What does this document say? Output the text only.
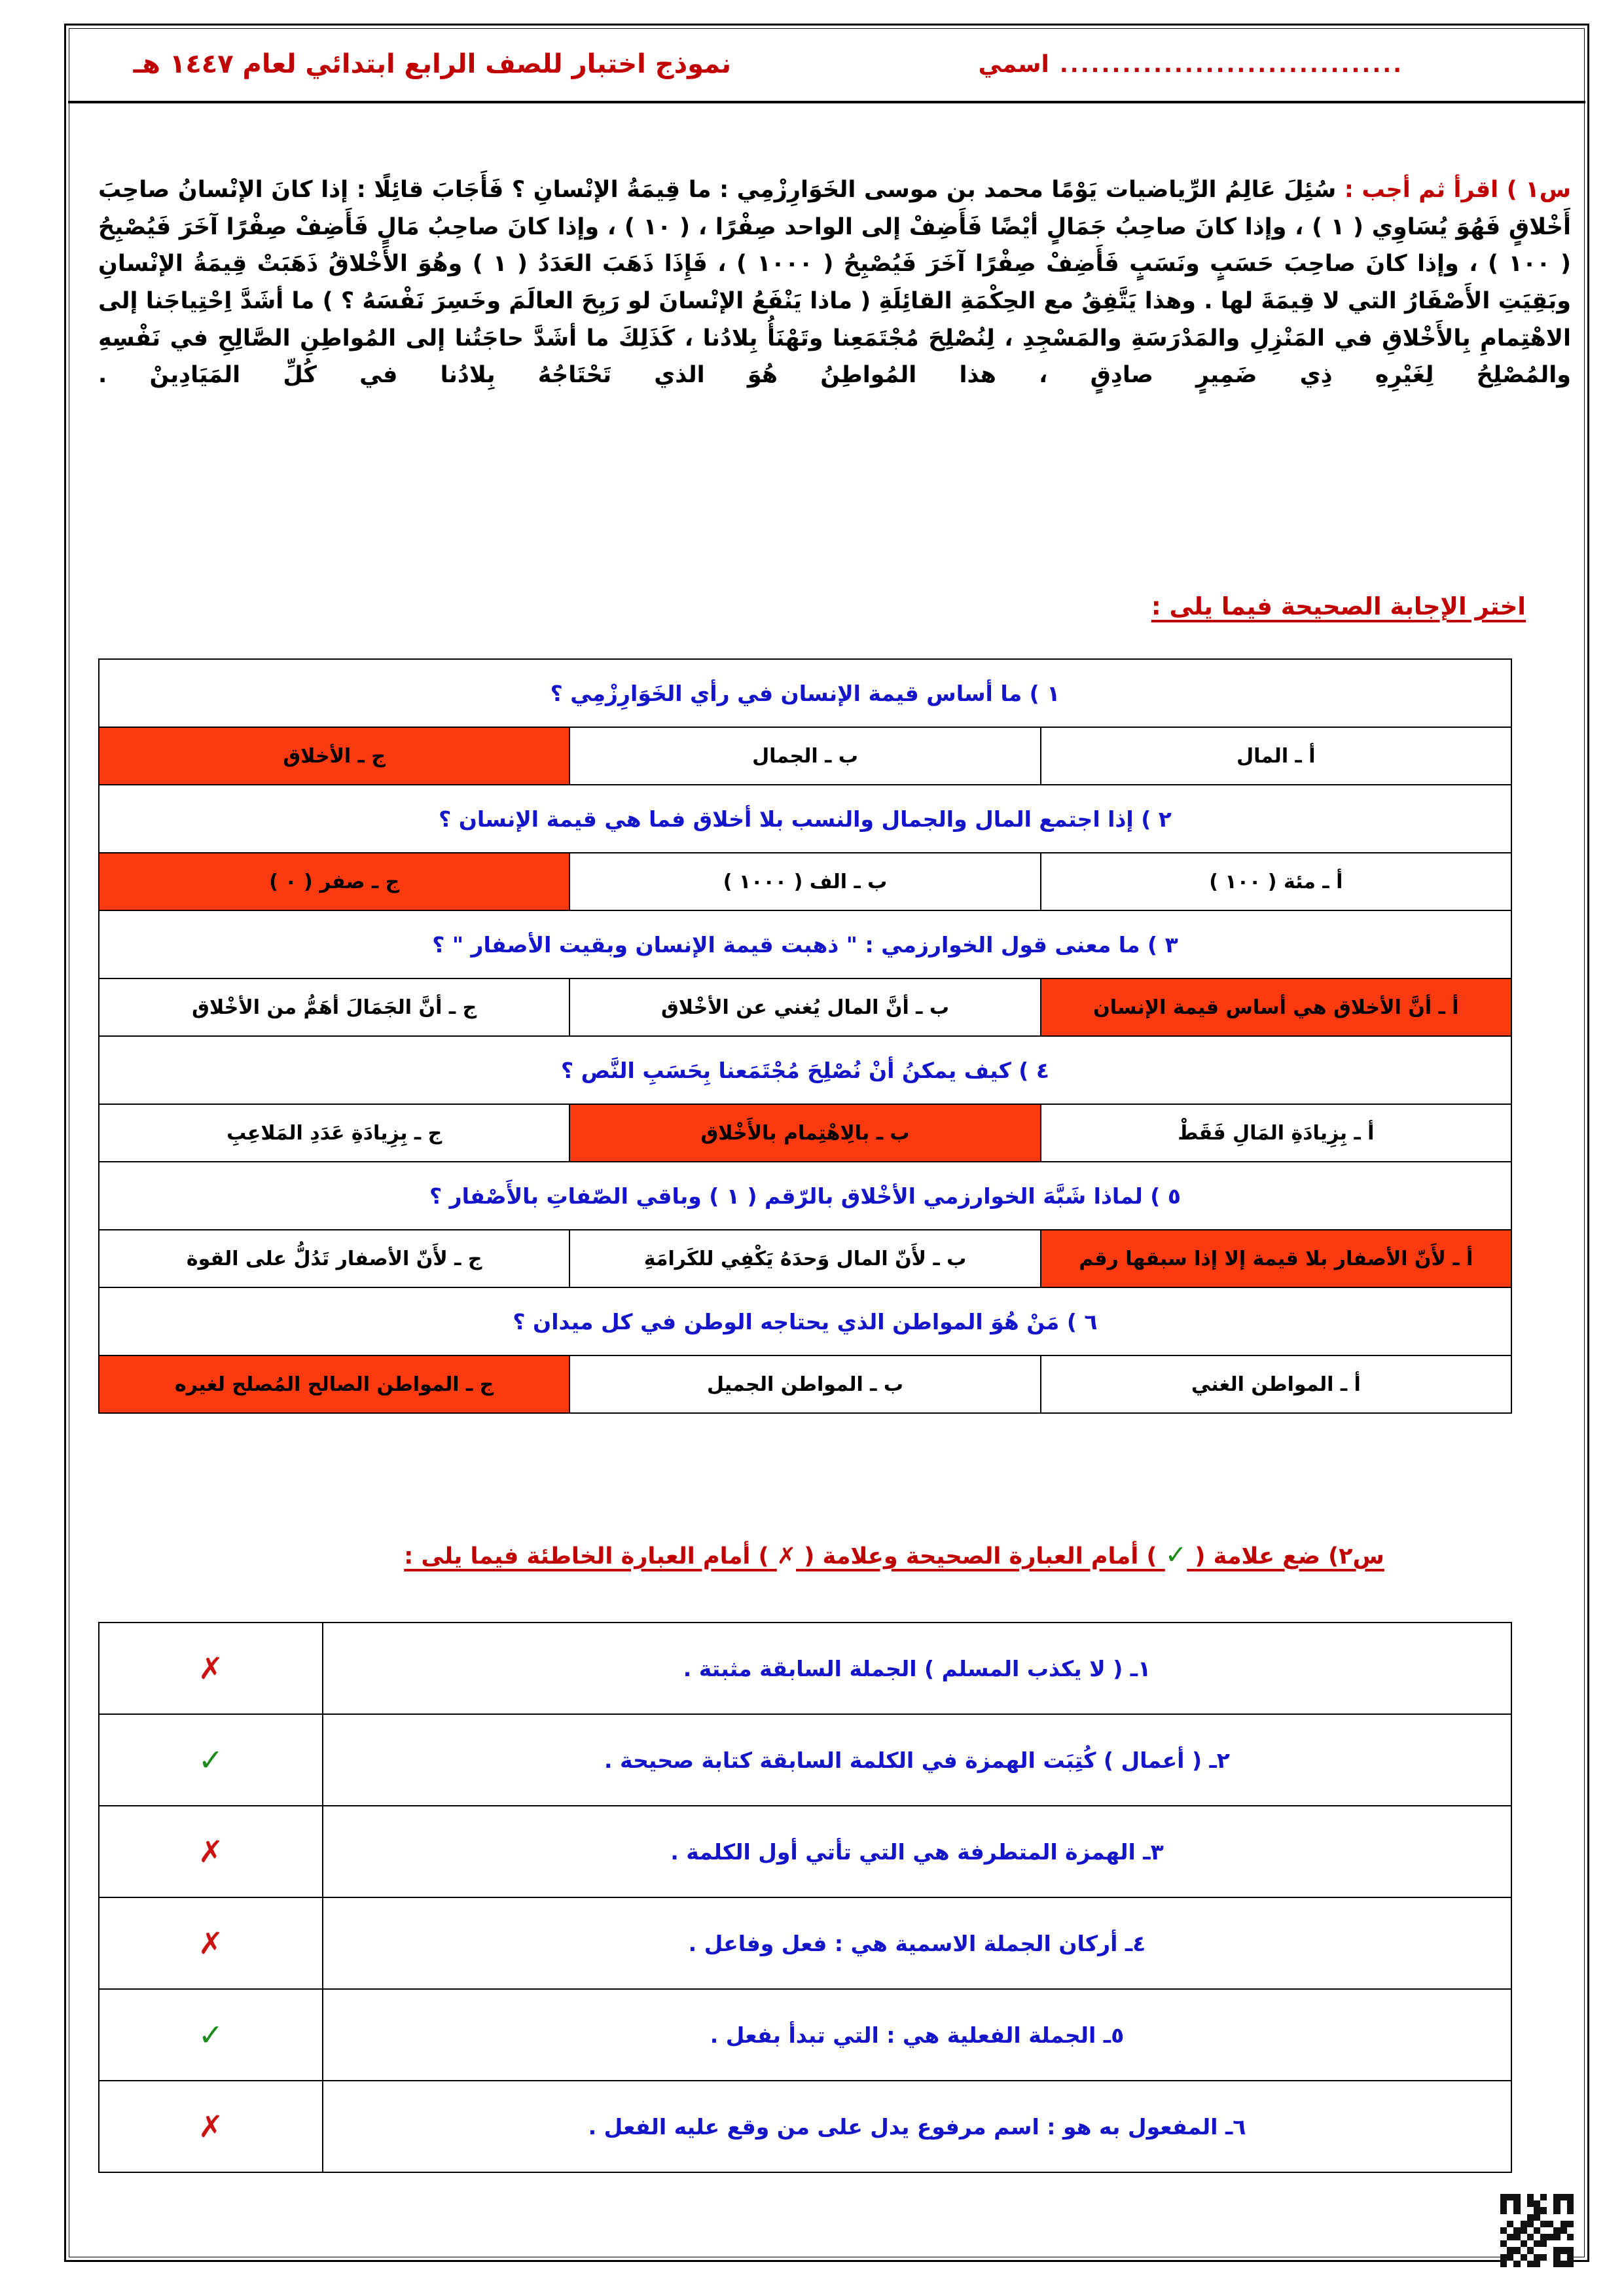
.................................
اسمي
نموذج اختبار للصف الرابع ابتدائي لعام ١٤٤٧ هـ
س١ ) اقرأ ثم أجب : سُئِلَ عَالِمُ الرِّياضيات يَوْمًا محمد بن موسى الخَوَارِزْمِي : ما قِيمَةُ الإنْسانِ ؟ فَأَجَابَ قائِلًا : إذا كانَ الإنْسانُ صاحِبَ أَخْلاقٍ فَهُوَ يُسَاوِي ( ١ ) ، وإذا كانَ صاحِبُ جَمَالٍ أيْضًا فَأَضِفْ إلى الواحد صِفْرًا ، ( ١٠ ) ، وإذا كانَ صاحِبُ مَالٍ فَأَضِفْ صِفْرًا آخَرَ فَيُصْبِحُ ( ١٠٠ ) ، وإذا كانَ صاحِبَ حَسَبٍ ونَسَبٍ فَأَضِفْ صِفْرًا آخَرَ فَيُصْبِحُ ( ١٠٠٠ ) ، فَإِذَا ذَهَبَ العَدَدُ ( ١ ) وهُوَ الأَخْلاقُ ذَهَبَتْ قِيمَةُ الإنْسانِ وبَقِيَتِ الأَصْفَارُ التي لا قِيمَةَ لها . وهذا يَتَّفِقُ مع الحِكْمَةِ القائِلَةِ ( ماذا يَنْفَعُ الإنْسانَ لو رَبِحَ العالَمَ وخَسِرَ نَفْسَهُ ؟ ) ما أشَدَّ اِحْتِياجَنا إلى الاهْتِمامِ بِالأَخْلاقِ في المَنْزِلِ والمَدْرَسَةِ والمَسْجِدِ ، لِنُصْلِحَ مُجْتَمَعِنا وتَهْنَأُ بِلادُنا ، كَذَلِكَ ما أشَدَّ حاجَتُنا إلى المُواطِنِ الصَّالِحِ في نَفْسِهِ والمُصْلِحُ لِغَيْرِهِ ذِي ضَمِيرٍ صادِقٍ ، هذا المُواطِنُ هُوَ الذي تَحْتَاجُهُ بِلادُنا في كُلِّ المَيَادِينْ .
اختر الإجابة الصحيحة فيما يلى :
١ ) ما أساس قيمة الإنسان في رأي الخَوَارِزْمِي ؟		
أ ـ المال	ب ـ الجمال	ج ـ الأخلاق
٢ ) إذا اجتمع المال والجمال والنسب بلا أخلاق فما هي قيمة الإنسان ؟		
أ ـ مئة ( ١٠٠ )	ب ـ الف ( ١٠٠٠ )	ج ـ صفر ( ٠ )
٣ ) ما معنى قول الخوارزمي : " ذهبت قيمة الإنسان وبقيت الأصفار " ؟		
أ ـ أنَّ الأخلاق هي أساس قيمة الإنسان	ب ـ أنَّ المال يُغني عن الأخْلاق	ج ـ أنَّ الجَمَالَ أهَمُّ من الأخْلاق
٤ ) كيف يمكنُ أنْ نُصْلِحَ مُجْتَمَعنا بِحَسَبِ النَّص ؟		
أ ـ بِزِيادَةِ المَالِ فَقَطْ	ب ـ بالِاهْتِمام بالأَخْلاق	ج ـ بِزِيادَةِ عَدَدِ المَلاعِبِ
٥ ) لماذا شَبَّهَ الخوارزمي الأخْلاق بالرّقم ( ١ ) وباقي الصّفاتِ بالأَصْفار ؟		
أ ـ لأَنّ الأصفار بلا قيمة إلا إذا سبقها رقم	ب ـ لأَنّ المال وَحدَهُ يَكْفِي للكَرامَةِ	ج ـ لأَنّ الأصفار تَدُلُّ على القوة
٦ ) مَنْ هُوَ المواطن الذي يحتاجه الوطن في كل ميدان ؟		
أ ـ المواطن الغني	ب ـ المواطن الجميل	ج ـ المواطن الصالح المُصلح لغيره
س٢) ضع علامة ( ✓ ) أمام العبارة الصحيحة وعلامة ( ✗ ) أمام العبارة الخاطئة فيما يلى :
١ـ ( لا يكذب المسلم ) الجملة السابقة مثبتة .	✗
٢ـ ( أعمال ) كُتِبَت الهمزة في الكلمة السابقة كتابة صحيحة .	✓
٣ـ الهمزة المتطرفة هي التي تأتي أول الكلمة .	✗
٤ـ أركان الجملة الاسمية هي : فعل وفاعل .	✗
٥ـ الجملة الفعلية هي : التي تبدأ بفعل .	✓
٦ـ المفعول به هو : اسم مرفوع يدل على من وقع عليه الفعل .	✗
